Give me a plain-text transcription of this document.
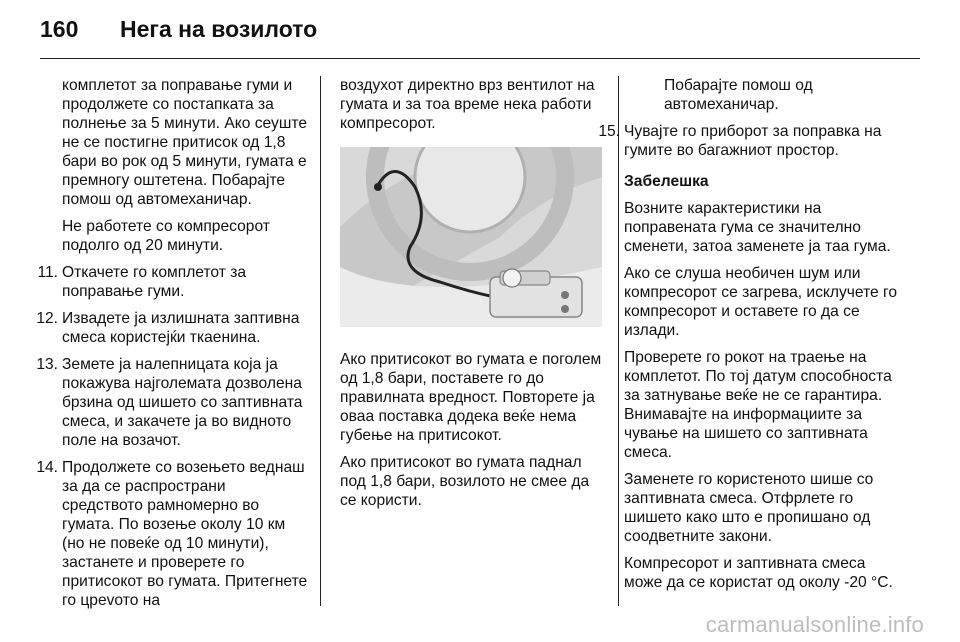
160 Нега на возилото

комплетот за поправање гуми и продолжете со постапката за полнење за 5 минути. Ако сеуште не се постигне притисок од 1,8 бари во рок од 5 минути, гумата е премногу оштетена. Побарајте помош од автомеханичар.

Не работете со компресорот подолго од 20 минути.

11. Откачете го комплетот за поправање гуми.
12. Извадете ја излишната заптивна смеса користејќи ткаенина.
13. Земете ја налепницата која ја покажува најголемата дозволена брзина од шишето со заптивната смеса, и закачете ја во видното поле на возачот.
14. Продолжете со возењето веднаш за да се распространи средството рамномерно во гумата. По возење околу 10 км (но не повеќе од 10 минути), застанете и проверете го притисокот во гумата. Притегнете го црevото на

воздухот директно врз вентилот на гумата и за тоа време нека работи компресорот.

Ако притисокот во гумата е поголем од 1,8 бари, поставете го до правилната вредност. Повторете ја оваа поставка додека веќе нема губење на притисокот.

Ако притисокот во гумата паднал под 1,8 бари, возилото не смее да се користи.

Побарајте помош од автомеханичар.

15. Чувајте го приборот за поправка на гумите во багажниот простор.

Забелешка

Возните карактеристики на поправената гума се значително сменети, затоа заменете ја таа гума.

Ако се слуша необичен шум или компресорот се загрева, исклучете го компресорот и оставете го да се излади.

Проверете го рокот на траење на комплетот. По тој датум способноста за затнување веќе не се гарантира. Внимавајте на информациите за чување на шишето со заптивната смеса.

Заменете го користеното шише со заптивната смеса. Отфрлете го шишето како што е пропишано од соодветните закони.

Компресорот и заптивната смеса може да се користат од околу -20 °С.

carmanualsonline.info
